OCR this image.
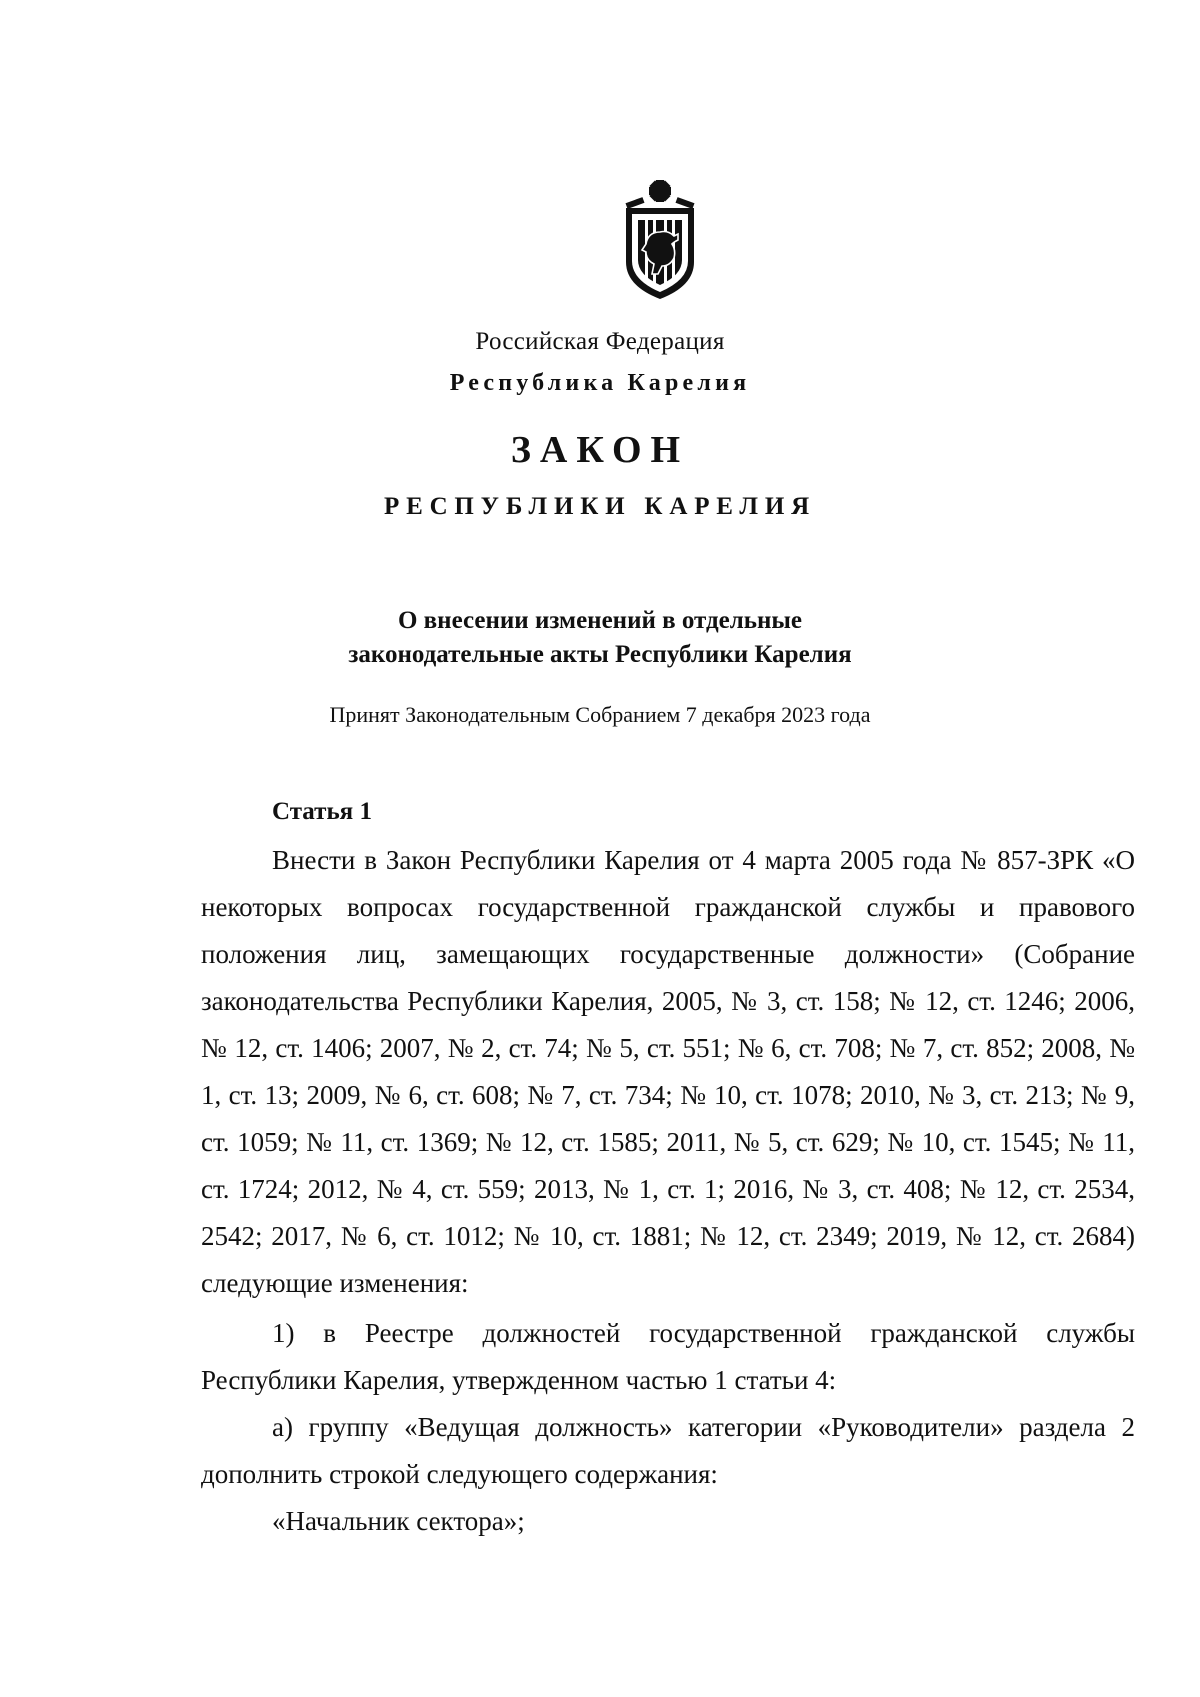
Российская Федерация
Республика Карелия
ЗАКОН
РЕСПУБЛИКИ КАРЕЛИЯ
О внесении изменений в отдельные
законодательные акты Республики Карелия
Принят Законодательным Собранием 7 декабря 2023 года
Статья 1
Внести в Закон Республики Карелия от 4 марта 2005 года № 857-ЗРК «О некоторых вопросах государственной гражданской службы и правового положения лиц, замещающих государственные должности» (Собрание законодательства Республики Карелия, 2005, № 3, ст. 158; № 12, ст. 1246; 2006, № 12, ст. 1406; 2007, № 2, ст. 74; № 5, ст. 551; № 6, ст. 708; № 7, ст. 852; 2008, № 1, ст. 13; 2009, № 6, ст. 608; № 7, ст. 734; № 10, ст. 1078; 2010, № 3, ст. 213; № 9, ст. 1059; № 11, ст. 1369; № 12, ст. 1585; 2011, № 5, ст. 629; № 10, ст. 1545; № 11, ст. 1724; 2012, № 4, ст. 559; 2013, № 1, ст. 1; 2016, № 3, ст. 408; № 12, ст. 2534, 2542; 2017, № 6, ст. 1012; № 10, ст. 1881; № 12, ст. 2349; 2019, № 12, ст. 2684) следующие изменения:
1) в Реестре должностей государственной гражданской службы Республики Карелия, утвержденном частью 1 статьи 4:
а) группу «Ведущая должность» категории «Руководители» раздела 2 дополнить строкой следующего содержания:
«Начальник сектора»;
